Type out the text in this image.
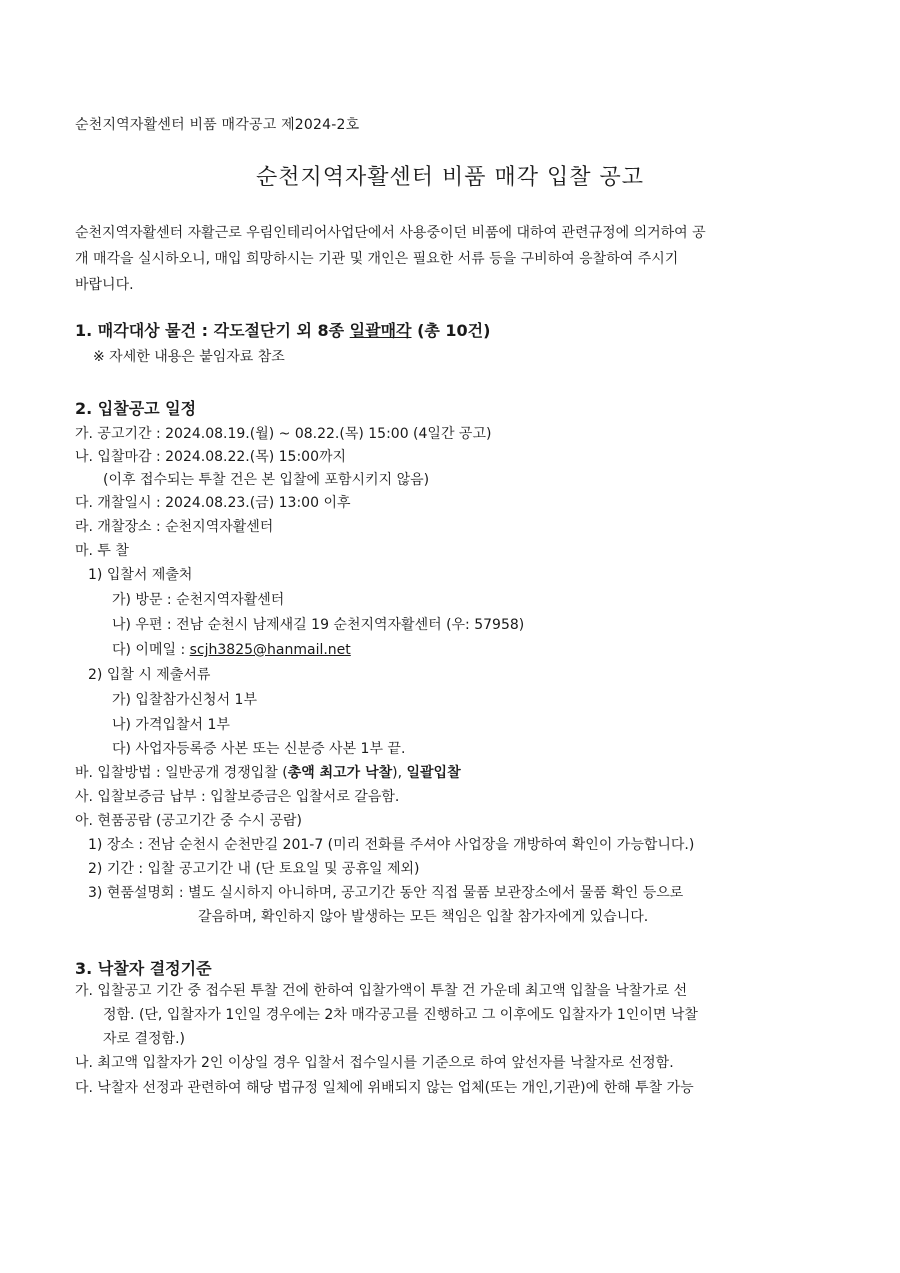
순천지역자활센터 비품 매각공고 제2024-2호
순천지역자활센터 비품 매각 입찰 공고
순천지역자활센터 자활근로 우림인테리어사업단에서 사용중이던 비품에 대하여 관련규정에 의거하여 공
개 매각을 실시하오니, 매입 희망하시는 기관 및 개인은 필요한 서류 등을 구비하여 응찰하여 주시기
바랍니다.
1. 매각대상 물건 : 각도절단기 외 8종 일괄매각 (총 10건)
※ 자세한 내용은 붙임자료 참조
2. 입찰공고 일정
가. 공고기간 : 2024.08.19.(월) ~ 08.22.(목) 15:00 (4일간 공고)
나. 입찰마감 : 2024.08.22.(목) 15:00까지
(이후 접수되는 투찰 건은 본 입찰에 포함시키지 않음)
다. 개찰일시 : 2024.08.23.(금) 13:00 이후
라. 개찰장소 : 순천지역자활센터
마. 투 찰
1) 입찰서 제출처
가) 방문 : 순천지역자활센터
나) 우편 : 전남 순천시 남제새길 19 순천지역자활센터 (우: 57958)
다) 이메일 : scjh3825@hanmail.net
2) 입찰 시 제출서류
가) 입찰참가신청서 1부
나) 가격입찰서 1부
다) 사업자등록증 사본 또는 신분증 사본 1부 끝.
바. 입찰방법 : 일반공개 경쟁입찰 (총액 최고가 낙찰), 일괄입찰
사. 입찰보증금 납부 : 입찰보증금은 입찰서로 갈음함.
아. 현품공람 (공고기간 중 수시 공람)
1) 장소 : 전남 순천시 순천만길 201-7 (미리 전화를 주셔야 사업장을 개방하여 확인이 가능합니다.)
2) 기간 : 입찰 공고기간 내 (단 토요일 및 공휴일 제외)
3) 현품설명회 : 별도 실시하지 아니하며, 공고기간 동안 직접 물품 보관장소에서 물품 확인 등으로
갈음하며, 확인하지 않아 발생하는 모든 책임은 입찰 참가자에게 있습니다.
3. 낙찰자 결정기준
가. 입찰공고 기간 중 접수된 투찰 건에 한하여 입찰가액이 투찰 건 가운데 최고액 입찰을 낙찰가로 선
정함. (단, 입찰자가 1인일 경우에는 2차 매각공고를 진행하고 그 이후에도 입찰자가 1인이면 낙찰
자로 결정함.)
나. 최고액 입찰자가 2인 이상일 경우 입찰서 접수일시를 기준으로 하여 앞선자를 낙찰자로 선정함.
다. 낙찰자 선정과 관련하여 해당 법규정 일체에 위배되지 않는 업체(또는 개인,기관)에 한해 투찰 가능
